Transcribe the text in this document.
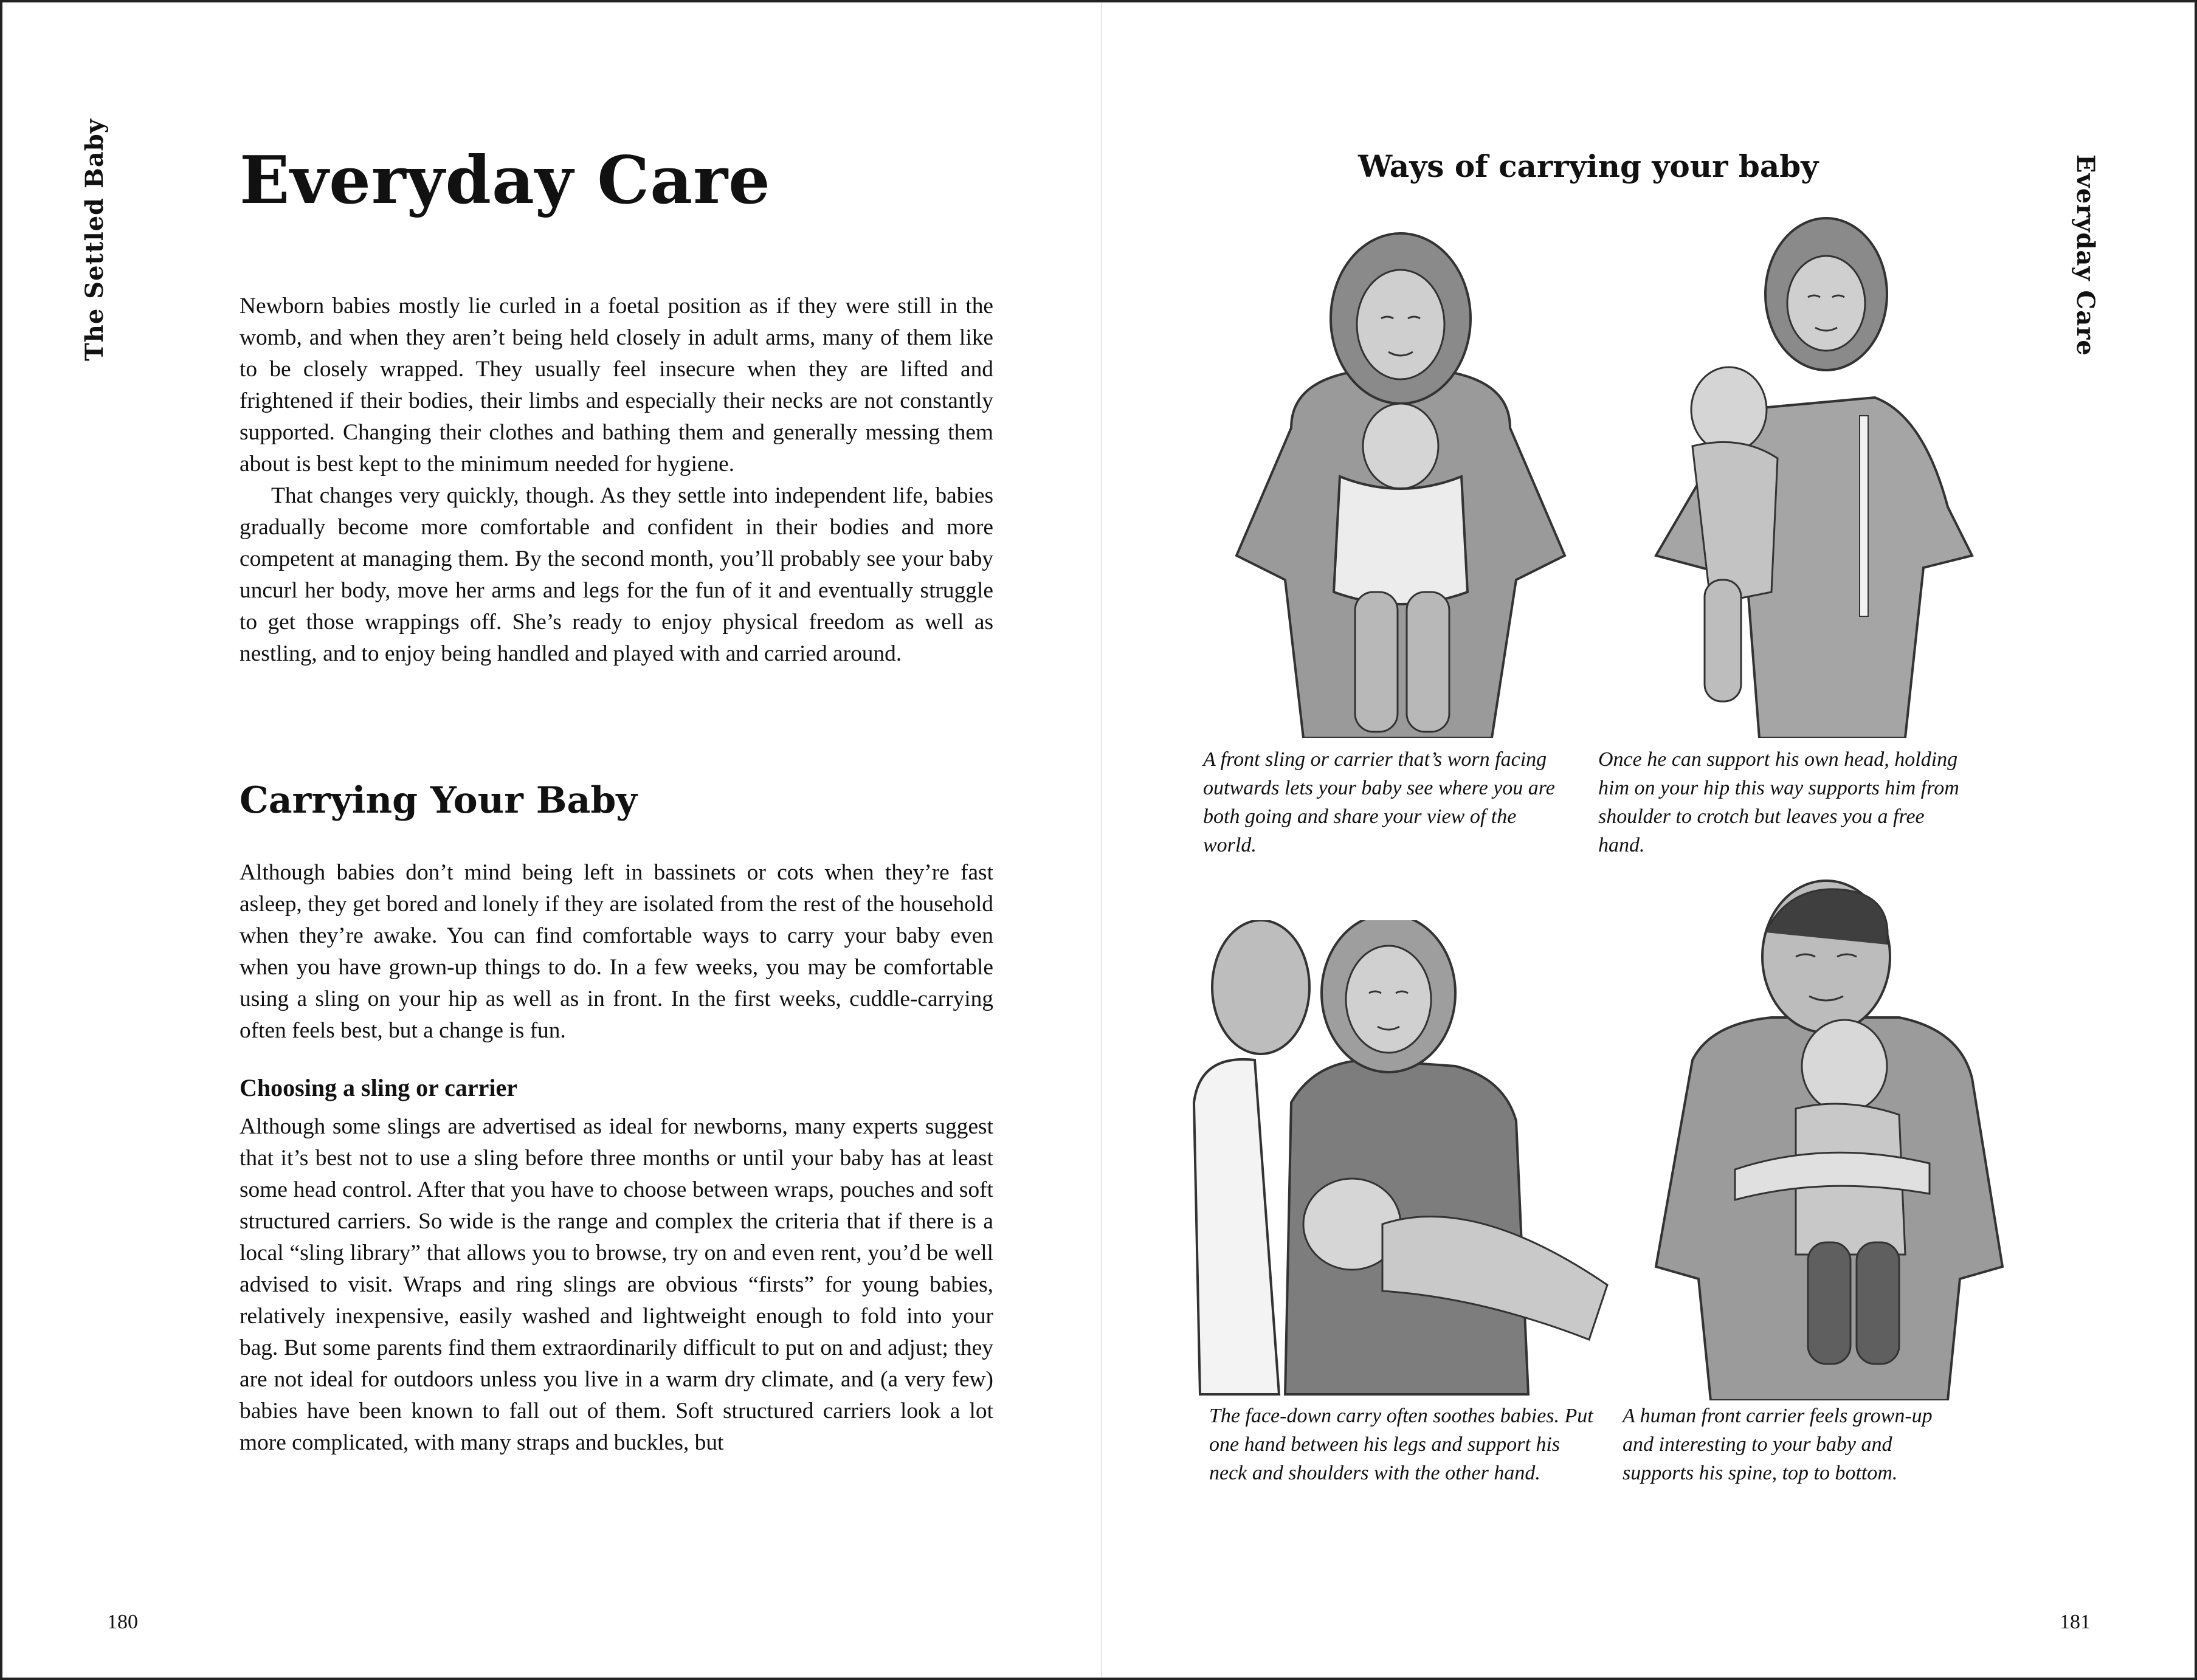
The Settled Baby	Everyday Care
Everyday Care

Newborn babies mostly lie curled in a foetal position as if they were still in the womb, and when they aren’t being held closely in adult arms, many of them like to be closely wrapped. They usually feel insecure when they are lifted and frightened if their bodies, their limbs and especially their necks are not constantly supported. Changing their clothes and bathing them and generally messing them about is best kept to the minimum needed for hygiene.

That changes very quickly, though. As they settle into independent life, babies gradually become more comfortable and confident in their bodies and more competent at managing them. By the second month, you’ll probably see your baby uncurl her body, move her arms and legs for the fun of it and eventually struggle to get those wrappings off. She’s ready to enjoy physical freedom as well as nestling, and to enjoy being handled and played with and carried around.

Carrying Your Baby

Although babies don’t mind being left in bassinets or cots when they’re fast asleep, they get bored and lonely if they are isolated from the rest of the household when they’re awake. You can find comfortable ways to carry your baby even when you have grown-up things to do. In a few weeks, you may be comfortable using a sling on your hip as well as in front. In the first weeks, cuddle-carrying often feels best, but a change is fun.

Choosing a sling or carrier

Although some slings are advertised as ideal for newborns, many experts suggest that it’s best not to use a sling before three months or until your baby has at least some head control. After that you have to choose between wraps, pouches and soft structured carriers. So wide is the range and complex the criteria that if there is a local “sling library” that allows you to browse, try on and even rent, you’d be well advised to visit. Wraps and ring slings are obvious “firsts” for young babies, relatively inexpensive, easily washed and lightweight enough to fold into your bag. But some parents find them extraordinarily difficult to put on and adjust; they are not ideal for outdoors unless you live in a warm dry climate, and (a very few) babies have been known to fall out of them. Soft structured carriers look a lot more complicated, with many straps and buckles, but

Ways of carrying your baby

A front sling or carrier that’s worn facing outwards lets your baby see where you are both going and share your view of the world.

Once he can support his own head, holding him on your hip this way supports him from shoulder to crotch but leaves you a free hand.

The face-down carry often soothes babies. Put one hand between his legs and support his neck and shoulders with the other hand.

A human front carrier feels grown-up and interesting to your baby and supports his spine, top to bottom.

180	181
